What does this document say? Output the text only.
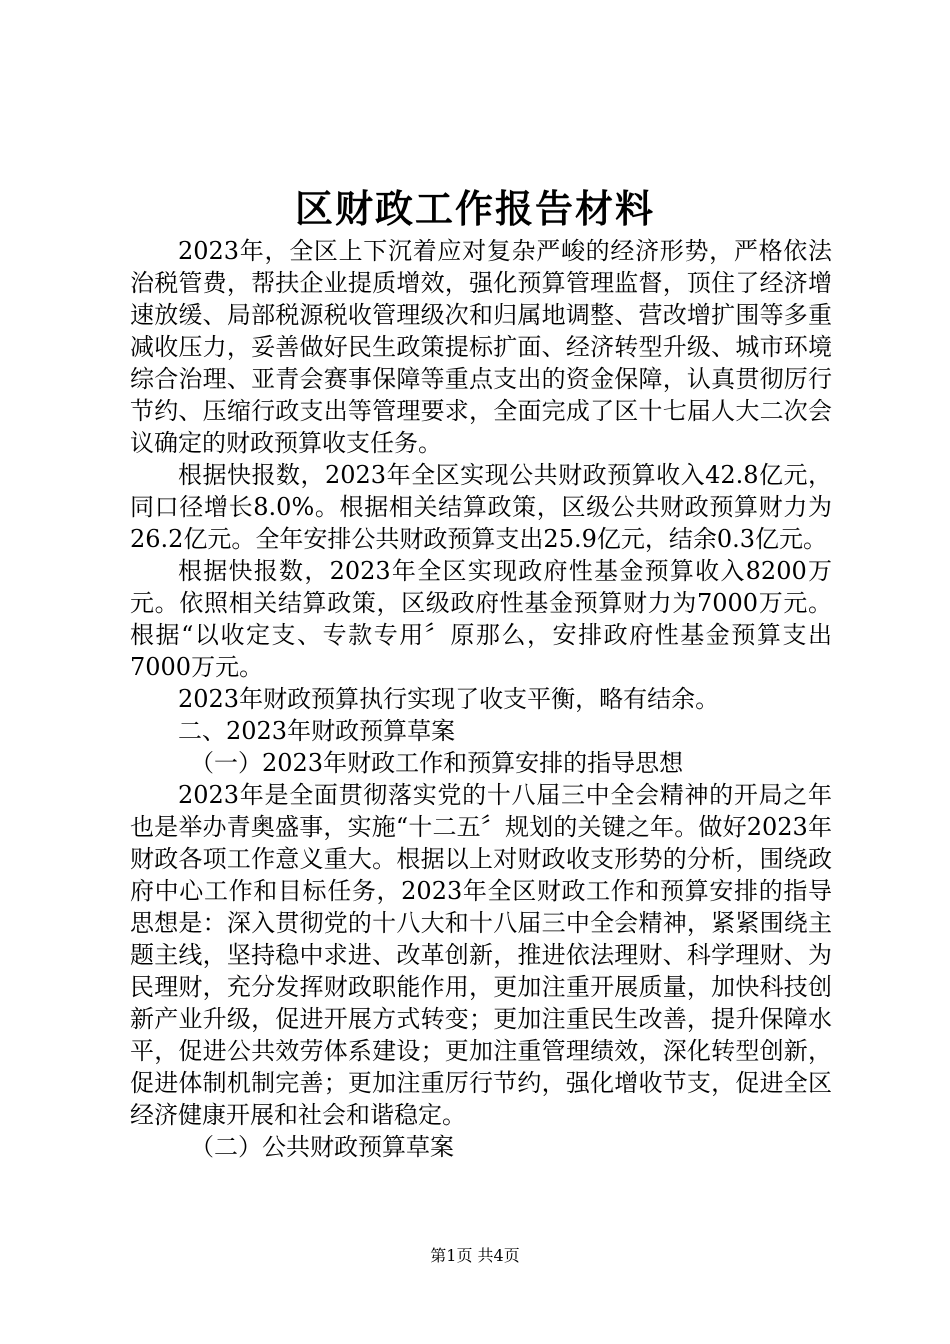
区财政工作报告材料

2023年，全区上下沉着应对复杂严峻的经济形势，严格依法治税管费，帮扶企业提质增效，强化预算管理监督，顶住了经济增速放缓、局部税源税收管理级次和归属地调整、营改增扩围等多重减收压力，妥善做好民生政策提标扩面、经济转型升级、城市环境综合治理、亚青会赛事保障等重点支出的资金保障，认真贯彻厉行节约、压缩行政支出等管理要求，全面完成了区十七届人大二次会议确定的财政预算收支任务。

根据快报数，2023年全区实现公共财政预算收入42.8亿元，同口径增长8.0%。根据相关结算政策，区级公共财政预算财力为26.2亿元。全年安排公共财政预算支出25.9亿元，结余0.3亿元。

根据快报数，2023年全区实现政府性基金预算收入8200万元。依照相关结算政策，区级政府性基金预算财力为7000万元。根据“以收定支、专款专用〞原那么，安排政府性基金预算支出7000万元。

2023年财政预算执行实现了收支平衡，略有结余。

二、2023年财政预算草案

（一）2023年财政工作和预算安排的指导思想

2023年是全面贯彻落实党的十八届三中全会精神的开局之年也是举办青奥盛事，实施“十二五〞规划的关键之年。做好2023年财政各项工作意义重大。根据以上对财政收支形势的分析，围绕政府中心工作和目标任务，2023年全区财政工作和预算安排的指导思想是：深入贯彻党的十八大和十八届三中全会精神，紧紧围绕主题主线，坚持稳中求进、改革创新，推进依法理财、科学理财、为民理财，充分发挥财政职能作用，更加注重开展质量，加快科技创新产业升级，促进开展方式转变；更加注重民生改善，提升保障水平，促进公共效劳体系建设；更加注重管理绩效，深化转型创新，促进体制机制完善；更加注重厉行节约，强化增收节支，促进全区经济健康开展和社会和谐稳定。

（二）公共财政预算草案

第1页 共4页
